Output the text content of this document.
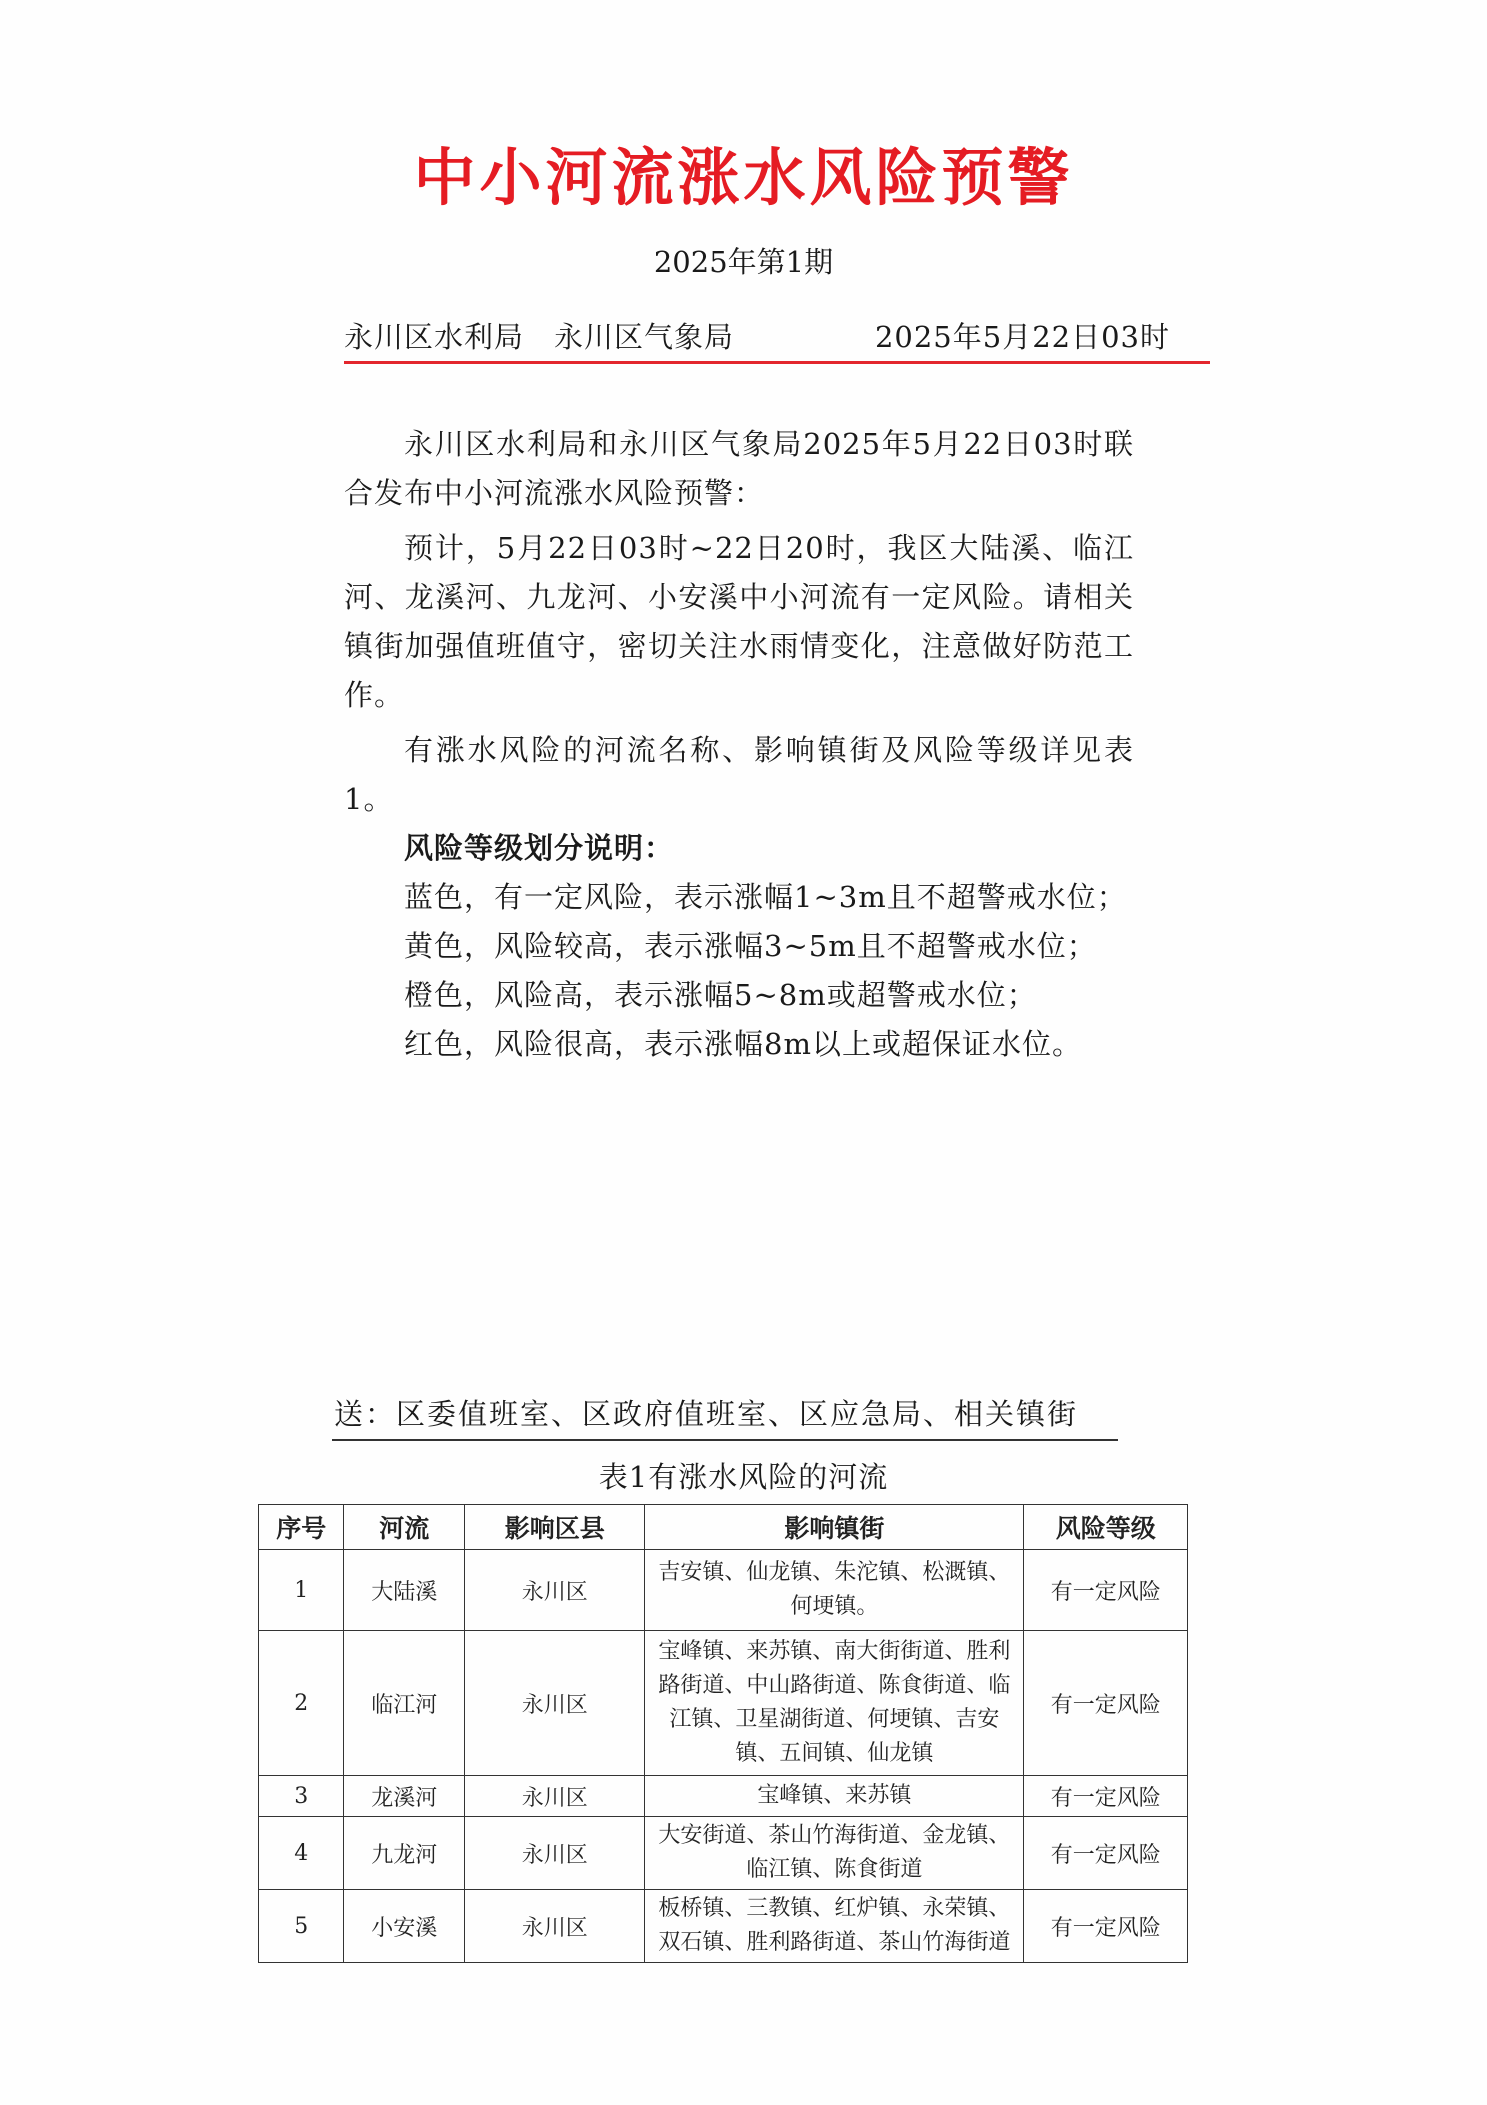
中小河流涨水风险预警
2025年第1期
永川区水利局　永川区气象局	2025年5月22日03时

永川区水利局和永川区气象局2025年5月22日03时联合发布中小河流涨水风险预警：

预计，5月22日03时~22日20时，我区大陆溪、临江河、龙溪河、九龙河、小安溪中小河流有一定风险。请相关镇街加强值班值守，密切关注水雨情变化，注意做好防范工作。

有涨水风险的河流名称、影响镇街及风险等级详见表1。

风险等级划分说明：

蓝色，有一定风险，表示涨幅1~3m且不超警戒水位；

黄色，风险较高，表示涨幅3~5m且不超警戒水位；

橙色，风险高，表示涨幅5~8m或超警戒水位；

红色，风险很高，表示涨幅8m以上或超保证水位。

送：区委值班室、区政府值班室、区应急局、相关镇街
表1有涨水风险的河流
序号	河流	影响区县	影响镇街	风险等级
1	大陆溪	永川区	吉安镇、仙龙镇、朱沱镇、松溉镇、何埂镇。	有一定风险
2	临江河	永川区	宝峰镇、来苏镇、南大街街道、胜利路街道、中山路街道、陈食街道、临江镇、卫星湖街道、何埂镇、吉安镇、五间镇、仙龙镇	有一定风险
3	龙溪河	永川区	宝峰镇、来苏镇	有一定风险
4	九龙河	永川区	大安街道、茶山竹海街道、金龙镇、临江镇、陈食街道	有一定风险
5	小安溪	永川区	板桥镇、三教镇、红炉镇、永荣镇、双石镇、胜利路街道、茶山竹海街道	有一定风险
